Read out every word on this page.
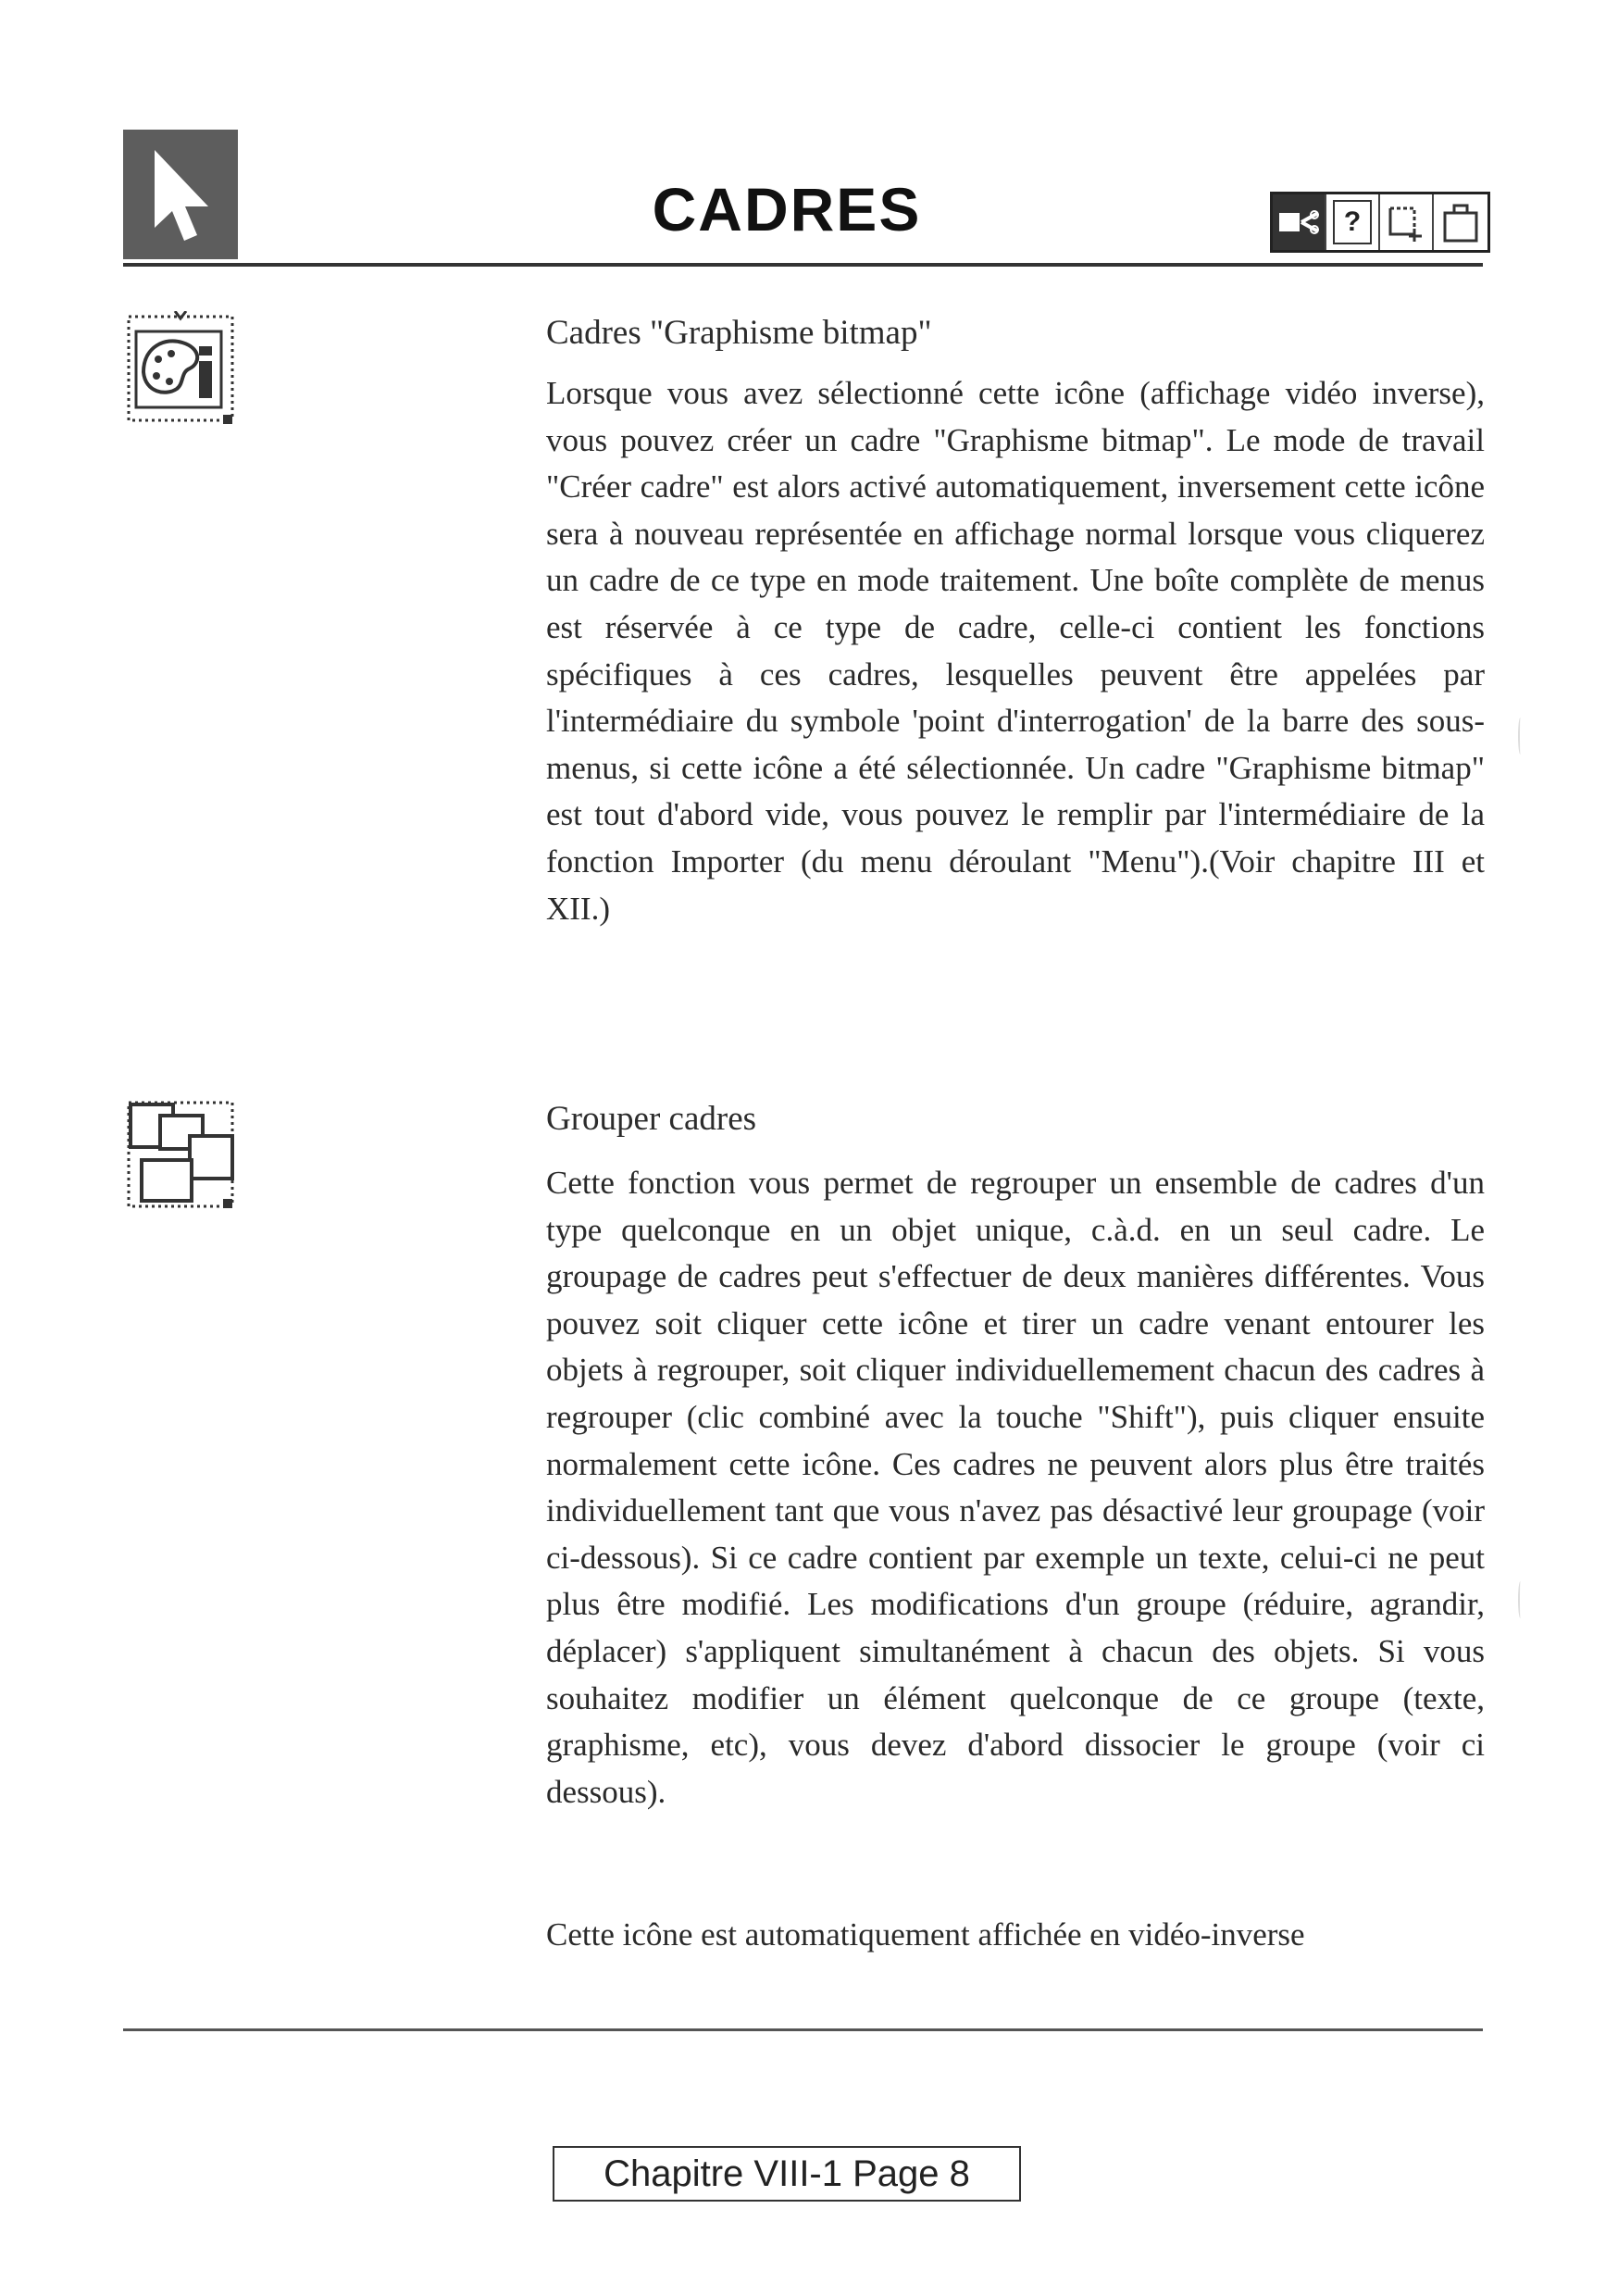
CADRES	?
Cadres "Graphisme bitmap"
Lorsque vous avez sélectionné cette icône (affichage vidéo inverse), vous pouvez créer un cadre "Graphisme bitmap". Le mode de travail "Créer cadre" est alors activé automatiquement, inversement cette icône sera à nouveau représentée en affichage normal lorsque vous cliquerez un cadre de ce type en mode traitement. Une boîte complète de menus est réservée à ce type de cadre, celle-ci contient les fonctions spécifiques à ces cadres, lesquelles peuvent être appelées par l'intermédiaire du symbole 'point d'interrogation' de la barre des sous-menus, si cette icône a été sélectionnée. Un cadre "Graphisme bitmap" est tout d'abord vide, vous pouvez le remplir par l'intermédiaire de la fonction Importer (du menu déroulant "Menu").(Voir chapitre III et XII.)
Grouper cadres
Cette fonction vous permet de regrouper un ensemble de cadres d'un type quelconque en un objet unique, c.à.d. en un seul cadre. Le groupage de cadres peut s'effectuer de deux manières différentes. Vous pouvez soit cliquer cette icône et tirer un cadre venant entourer les objets à regrouper, soit cliquer individuellemement chacun des cadres à regrouper (clic combiné avec la touche "Shift"), puis cliquer ensuite normalement cette icône. Ces cadres ne peuvent alors plus être traités individuellement tant que vous n'avez pas désactivé leur groupage (voir ci-dessous). Si ce cadre contient par exemple un texte, celui-ci ne peut plus être modifié. Les modifications d'un groupe (réduire, agrandir, déplacer) s'appliquent simultanément à chacun des objets. Si vous souhaitez modifier un élément quelconque de ce groupe (texte, graphisme, etc), vous devez d'abord dissocier le groupe (voir ci dessous).
Cette icône est automatiquement affichée en vidéo-inverse
Chapitre VIII-1 Page 8
